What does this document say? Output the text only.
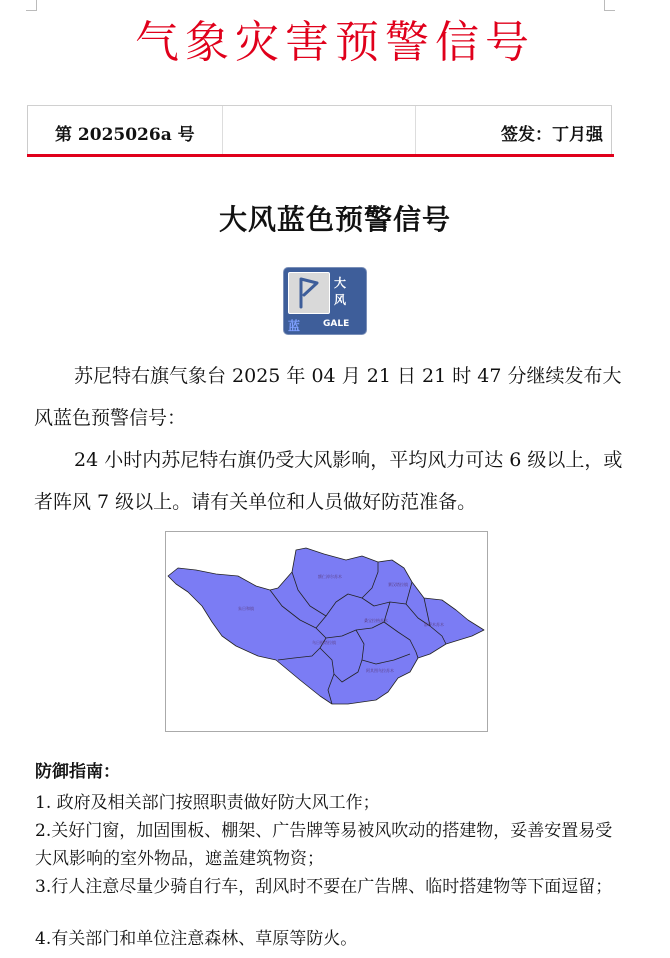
气象灾害预警信号
第 2025026a 号	签发：丁月强
大风蓝色预警信号
大
风
蓝	GALE
苏尼特右旗气象台 2025 年 04 月 21 日 21 时 47 分继续发布大风蓝色预警信号：
24 小时内苏尼特右旗仍受大风影响，平均风力可达 6 级以上，或者阵风 7 级以上。请有关单位和人员做好防范准备。
额仁淖尔苏木
赛汉塔拉镇
朱日和镇
桑宝拉格苏木
都呼木苏木
乌日根塔拉镇
阿其图乌拉苏木
防御指南：
1. 政府及相关部门按照职责做好防大风工作；
2.关好门窗，加固围板、棚架、广告牌等易被风吹动的搭建物，妥善安置易受大风影响的室外物品，遮盖建筑物资；
3.行人注意尽量少骑自行车，刮风时不要在广告牌、临时搭建物等下面逗留；
4.有关部门和单位注意森林、草原等防火。
